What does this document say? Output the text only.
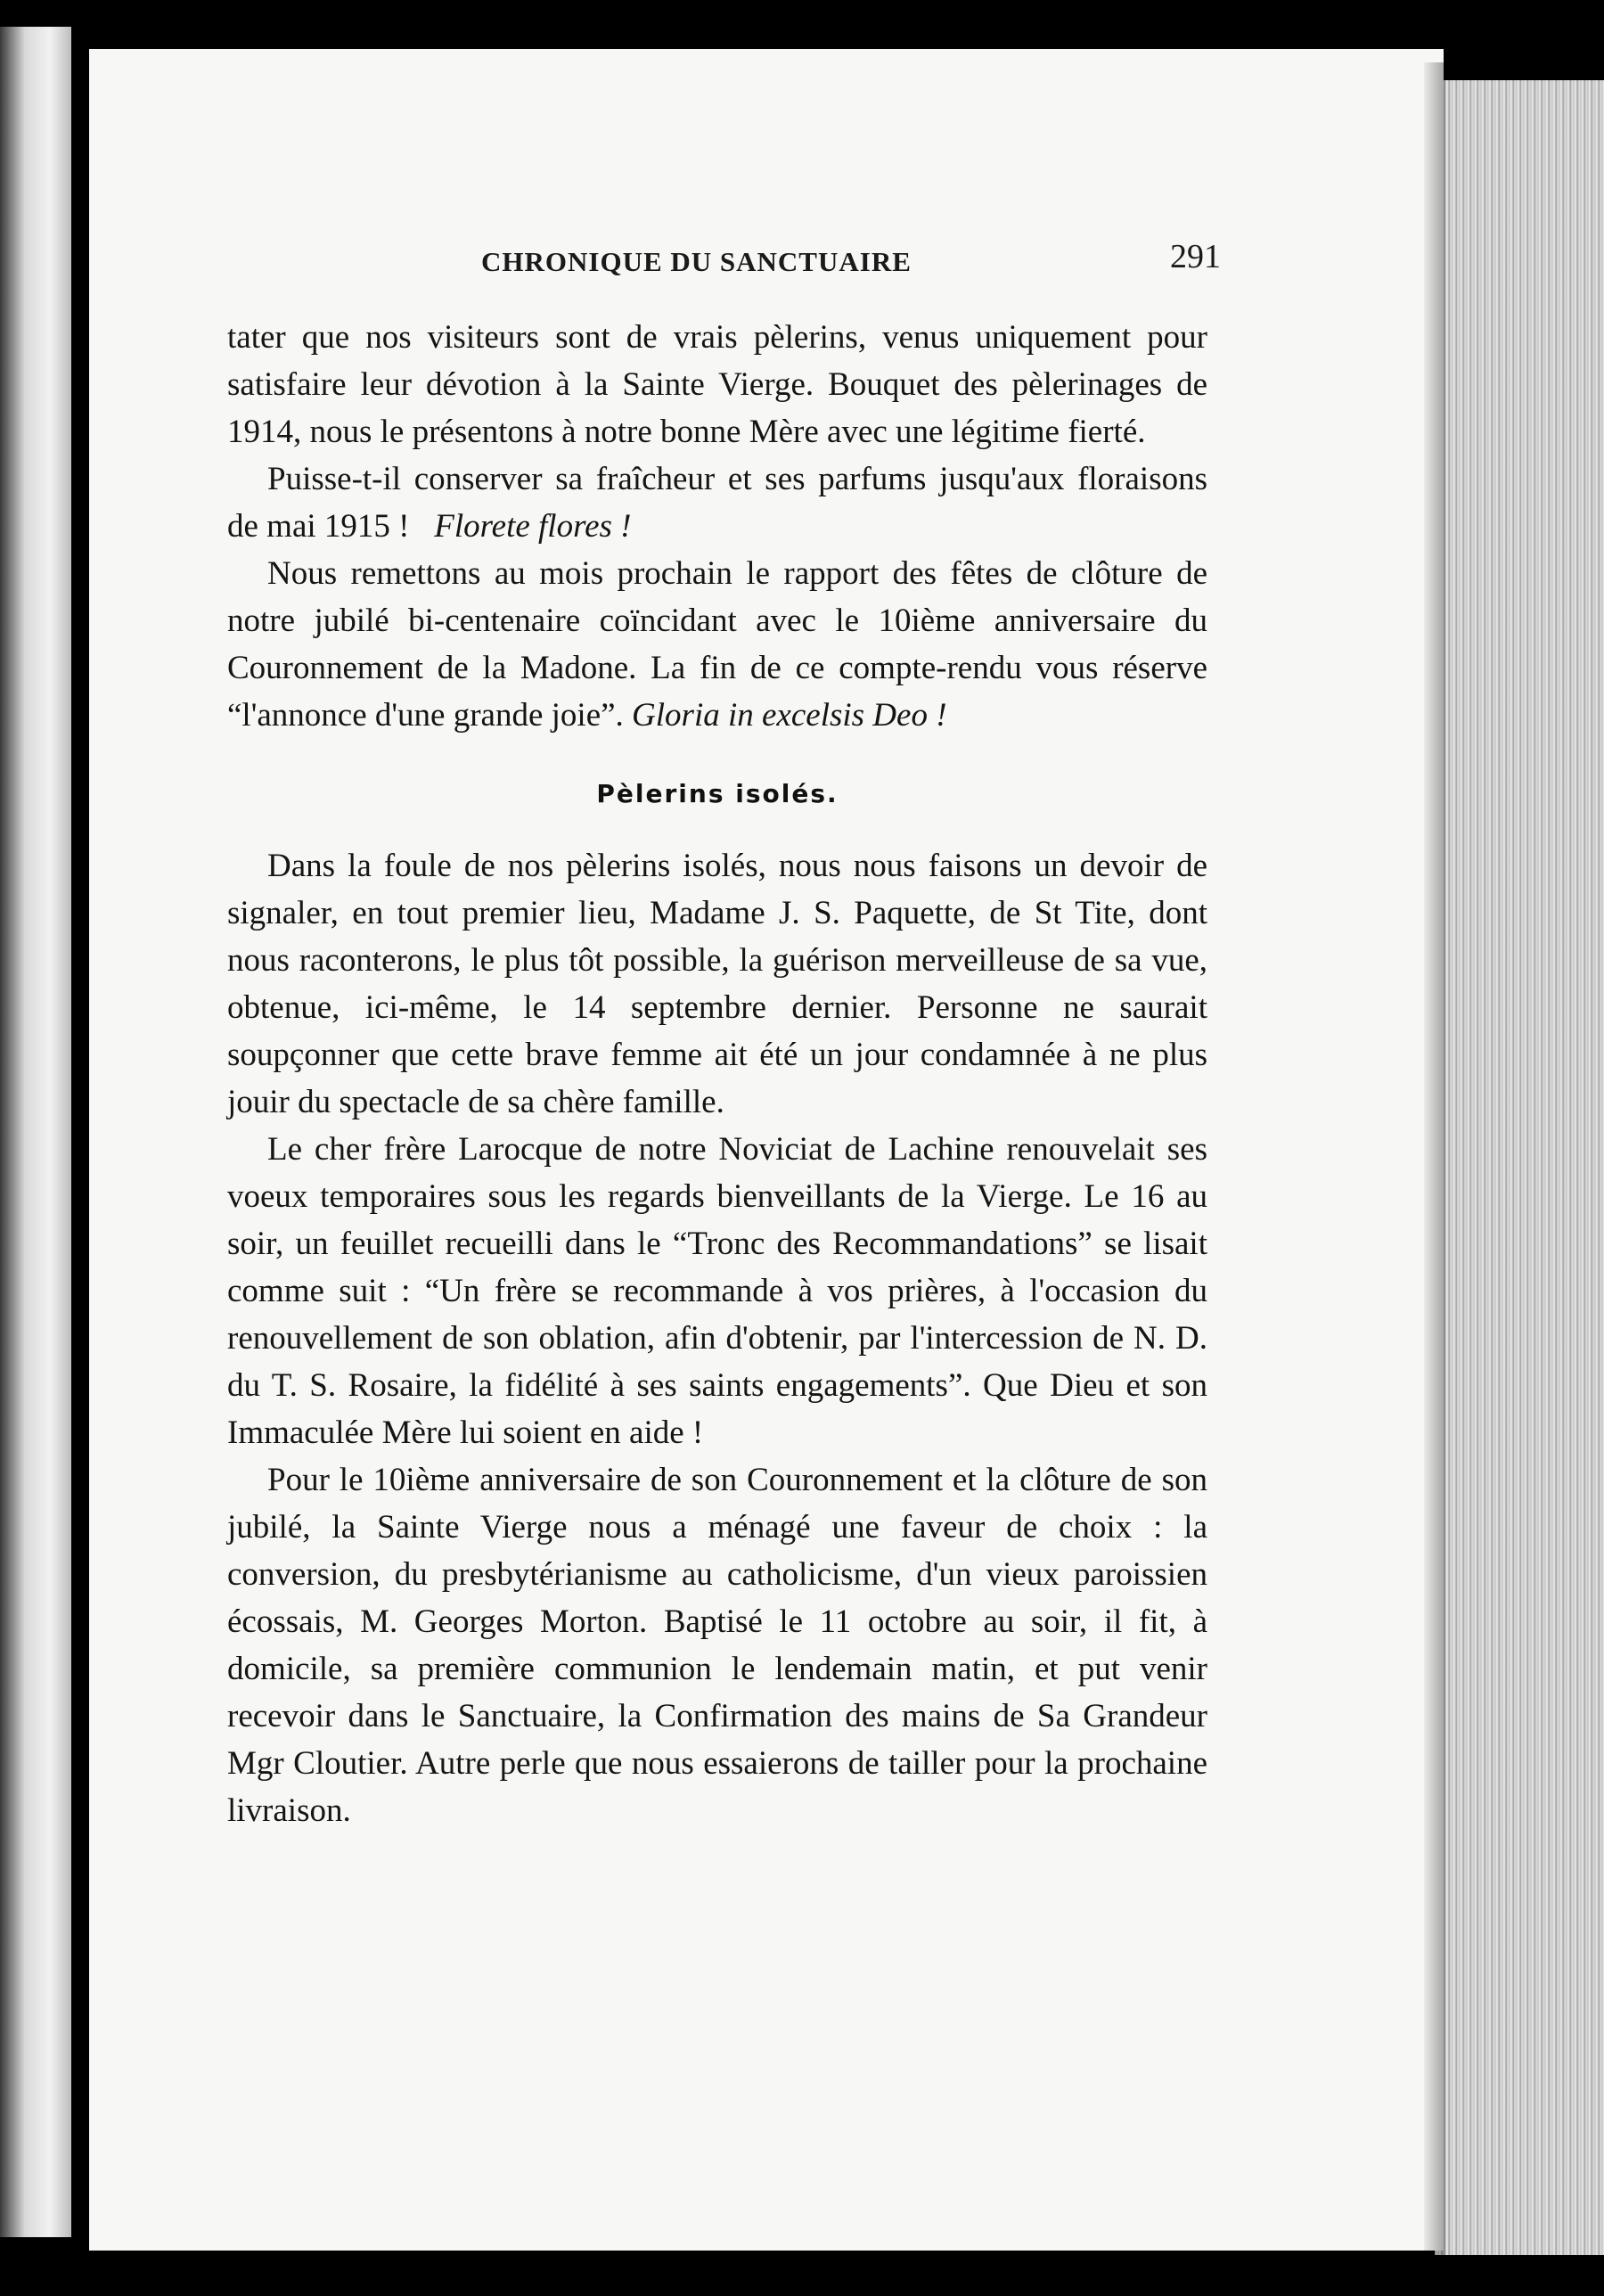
CHRONIQUE DU SANCTUAIRE	291

tater que nos visiteurs sont de vrais pèlerins, venus uniquement pour satisfaire leur dévotion à la Sainte Vierge. Bouquet des pèlerinages de 1914, nous le présentons à notre bonne Mère avec une légitime fierté.

Puisse-t-il conserver sa fraîcheur et ses parfums jusqu'aux floraisons de mai 1915 ! Florete flores !

Nous remettons au mois prochain le rapport des fêtes de clôture de notre jubilé bi-centenaire coïncidant avec le 10ième anniversaire du Couronnement de la Madone. La fin de ce compte-rendu vous réserve “l'annonce d'une grande joie”. Gloria in excelsis Deo !

Pèlerins isolés.

Dans la foule de nos pèlerins isolés, nous nous faisons un devoir de signaler, en tout premier lieu, Madame J. S. Paquette, de St Tite, dont nous raconterons, le plus tôt possible, la guérison merveilleuse de sa vue, obtenue, ici-même, le 14 septembre dernier. Personne ne saurait soupçonner que cette brave femme ait été un jour condamnée à ne plus jouir du spectacle de sa chère famille.

Le cher frère Larocque de notre Noviciat de Lachine renouvelait ses voeux temporaires sous les regards bienveillants de la Vierge. Le 16 au soir, un feuillet recueilli dans le “Tronc des Recommandations” se lisait comme suit : “Un frère se recommande à vos prières, à l'occasion du renouvellement de son oblation, afin d'obtenir, par l'intercession de N. D. du T. S. Rosaire, la fidélité à ses saints engagements”. Que Dieu et son Immaculée Mère lui soient en aide !

Pour le 10ième anniversaire de son Couronnement et la clôture de son jubilé, la Sainte Vierge nous a ménagé une faveur de choix : la conversion, du presbytérianisme au catholicisme, d'un vieux paroissien écossais, M. Georges Morton. Baptisé le 11 octobre au soir, il fit, à domicile, sa première communion le lendemain matin, et put venir recevoir dans le Sanctuaire, la Confirmation des mains de Sa Grandeur Mgr Cloutier. Autre perle que nous essaierons de tailler pour la prochaine livraison.
